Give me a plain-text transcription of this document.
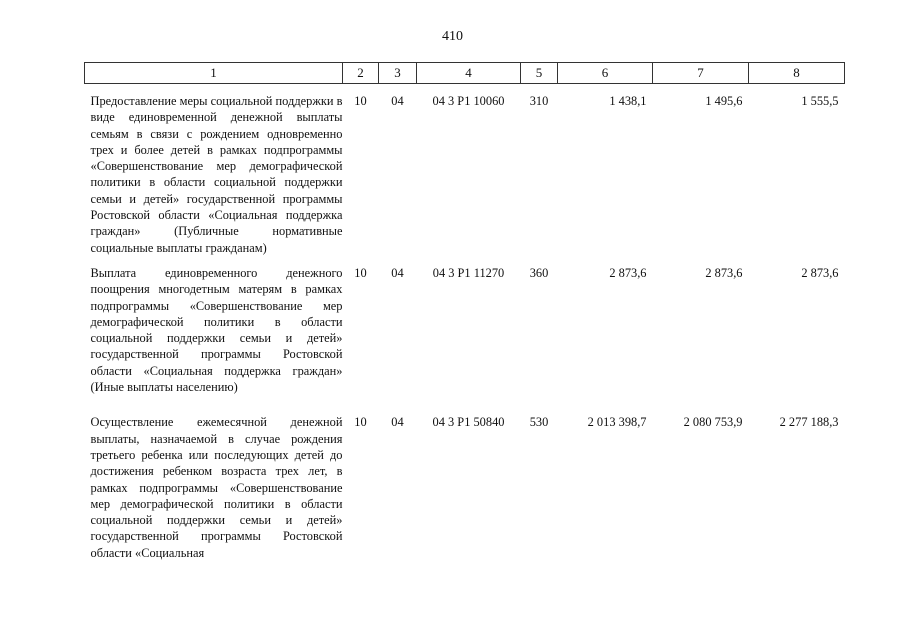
410
1	2	3	4	5	6	7	8
Предоставление меры социальной поддержки в виде единовременной денежной выплаты семьям в связи с рождением одновременно трех и более детей в рамках подпрограммы «Совершенствование мер демографической политики в области социальной поддержки семьи и детей» государственной программы Ростовской области «Социальная поддержка граждан» (Публичные нормативные социальные выплаты гражданам)	10	04	04 3 P1 10060	310	1 438,1	1 495,6	1 555,5
Выплата единовременного денежного поощрения многодетным матерям в рамках подпрограммы «Совершенствование мер демографической политики в области социальной поддержки семьи и детей» государственной программы Ростовской области «Социальная поддержка граждан» (Иные выплаты населению)	10	04	04 3 P1 11270	360	2 873,6	2 873,6	2 873,6
Осуществление ежемесячной денежной выплаты, назначаемой в случае рождения третьего ребенка или последующих детей до достижения ребенком возраста трех лет, в рамках подпрограммы «Совершенствование мер демографической политики в области социальной поддержки семьи и детей» государственной программы Ростовской области «Социальная	10	04	04 3 P1 50840	530	2 013 398,7	2 080 753,9	2 277 188,3
